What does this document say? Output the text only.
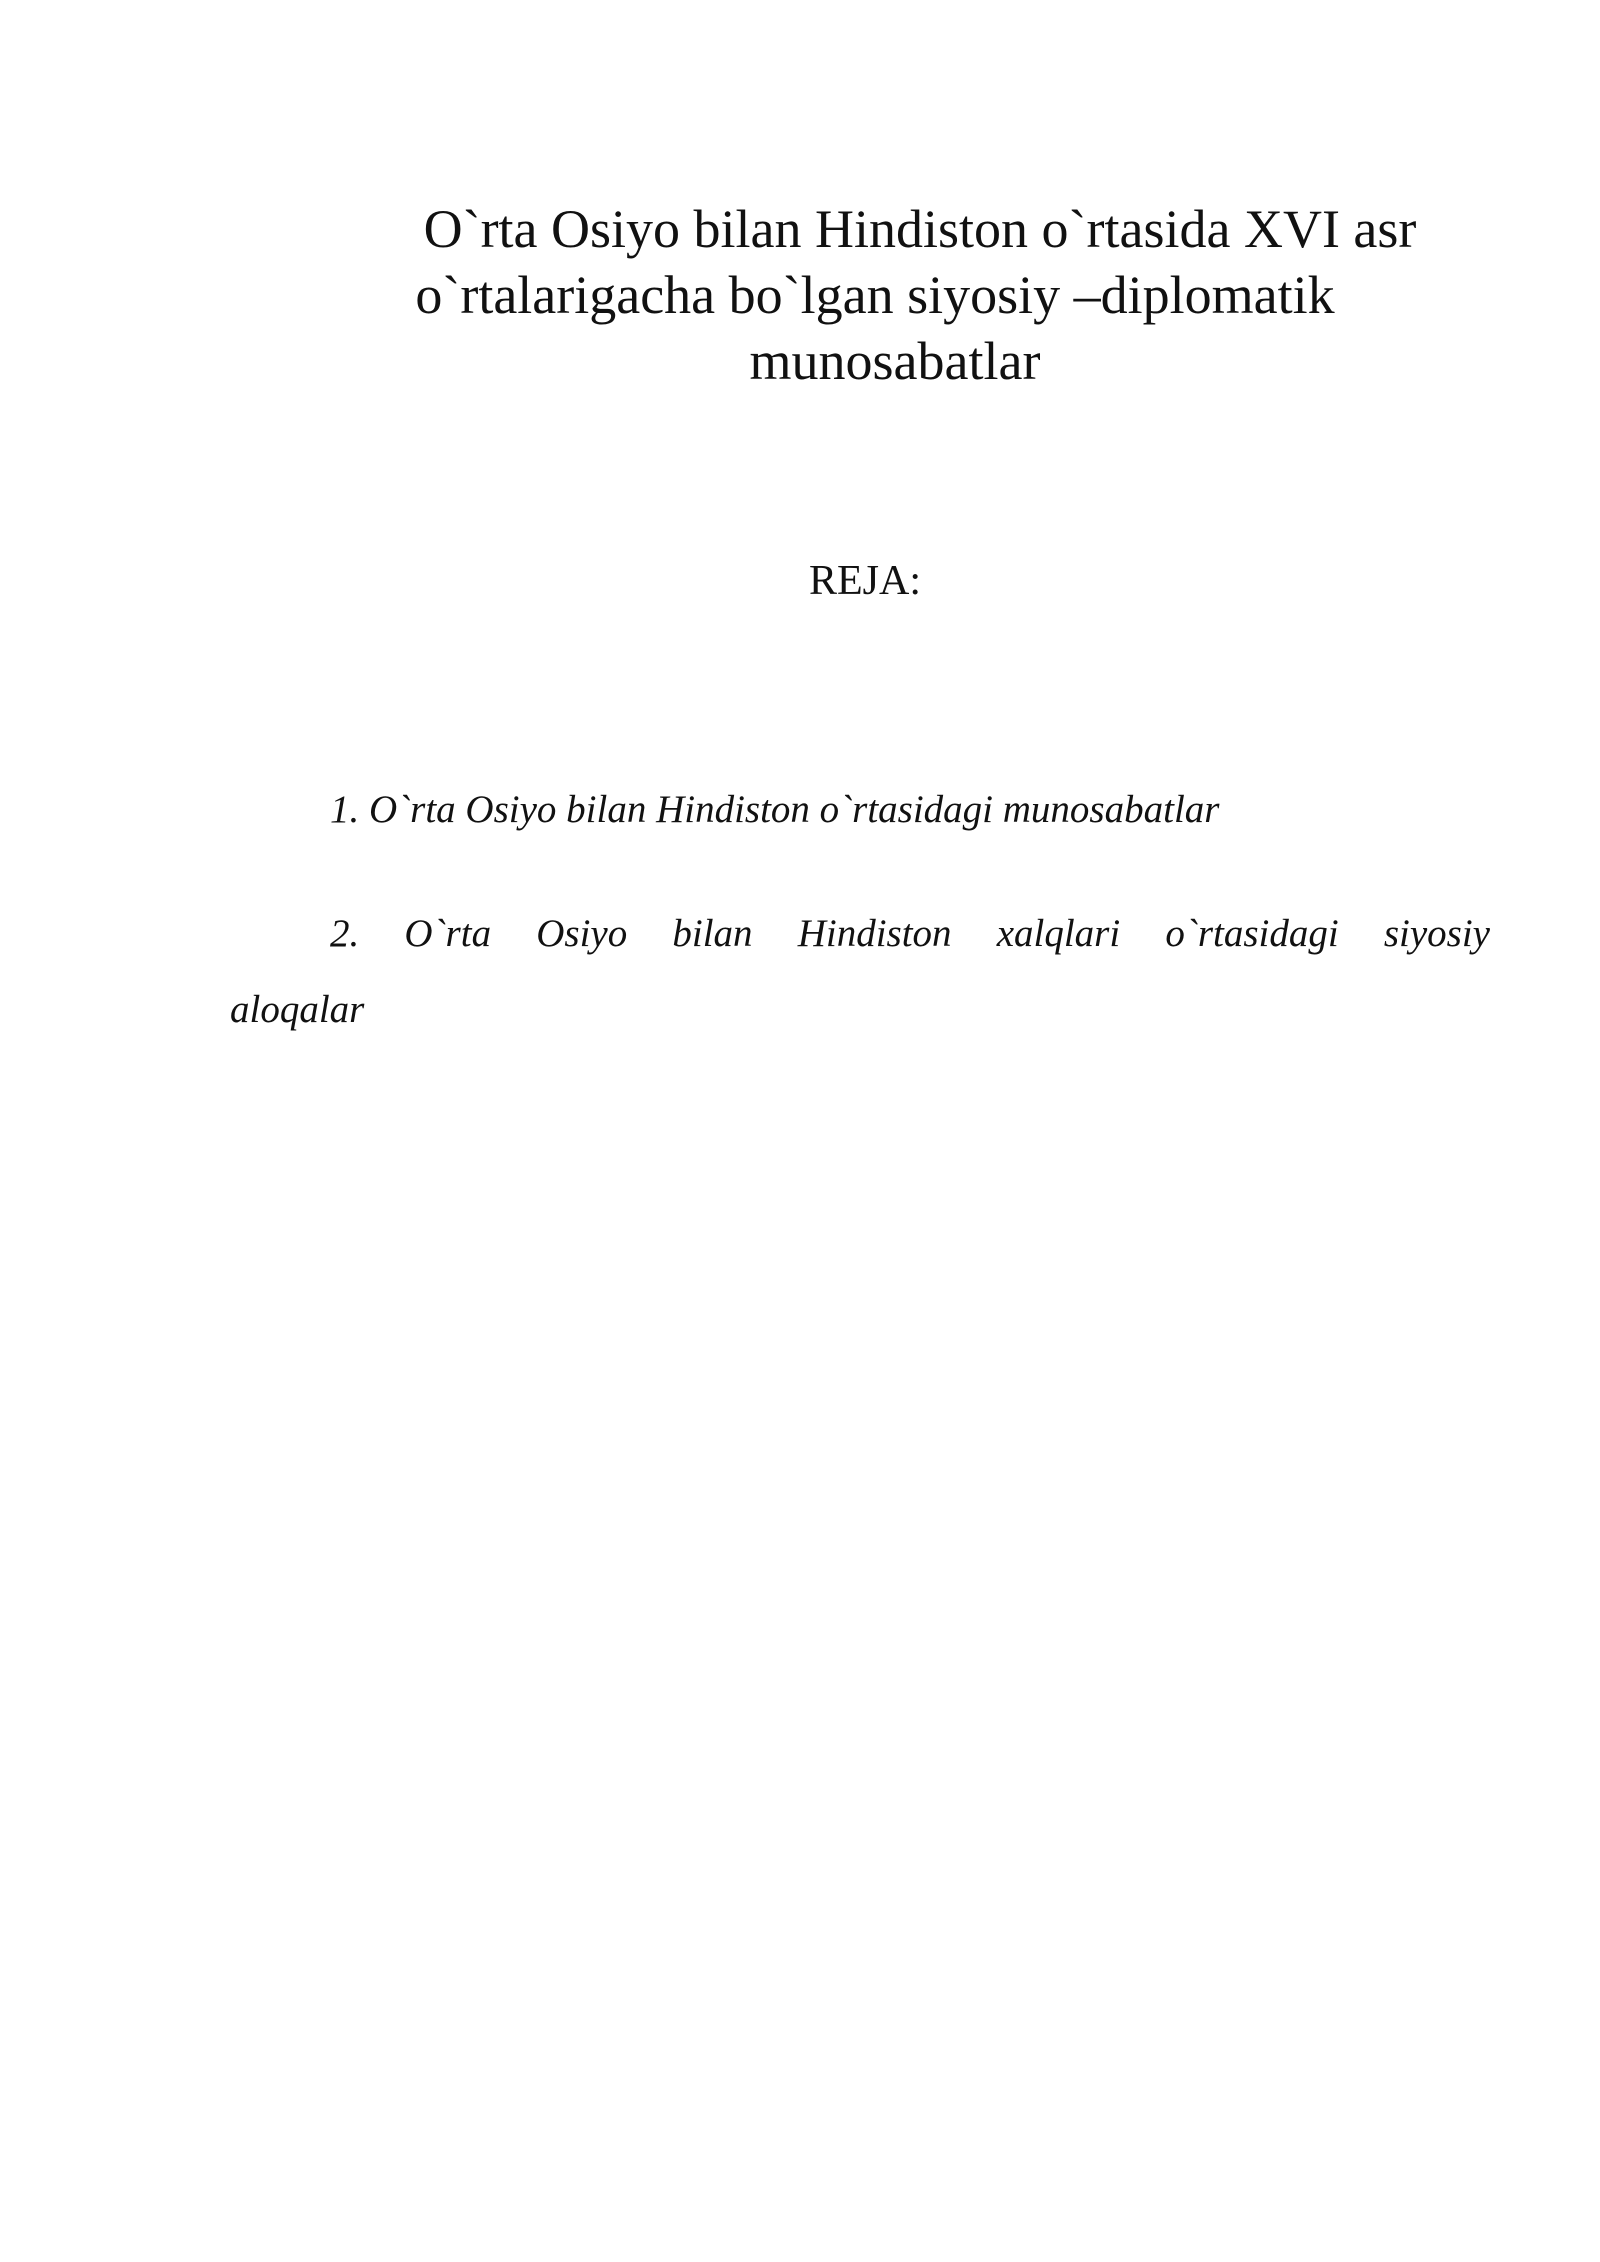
O`rta Osiyo bilan Hindiston o`rtasida XVI asr
o`rtalarigacha bo`lgan siyosiy –diplomatik
munosabatlar
REJA:
1. O`rta Osiyo bilan Hindiston o`rtasidagi munosabatlar
2. O`rta Osiyo bilan Hindiston xalqlari o`rtasidagi siyosiy
aloqalar
